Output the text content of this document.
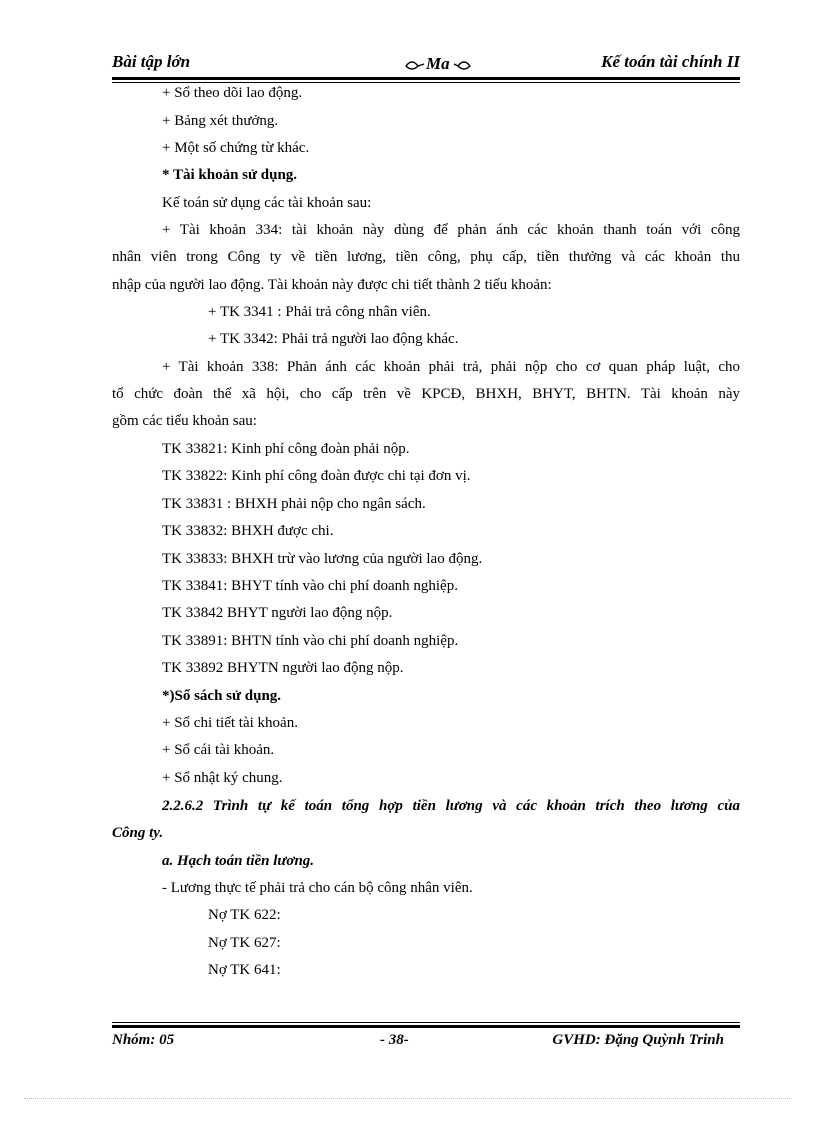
Bài tập lớn	Ma	Kế toán tài chính II
+ Sổ theo dõi lao động.
+ Bảng xét thưởng.
+ Một số chứng từ khác.
* Tài khoản sử dụng.
Kế toán sử dụng các tài khoản sau:
+ Tài khoản 334: tài khoản này dùng để phản ánh các khoản thanh toán với công
nhân viên trong Công ty về tiền lương, tiền công, phụ cấp, tiền thưởng và các khoản thu
nhập của người lao động. Tài khoản này được chi tiết thành 2 tiểu khoản:
+ TK 3341 : Phải trả công nhân viên.
+ TK 3342: Phải trả người lao động khác.
+ Tài khoản 338: Phản ánh các khoản phải trả, phải nộp cho cơ quan pháp luật, cho
tổ chức đoàn thể xã hội, cho cấp trên về KPCĐ, BHXH, BHYT, BHTN. Tài khoản này
gồm các tiểu khoản sau:
TK 33821: Kinh phí công đoàn phải nộp.
TK 33822: Kinh phí công đoàn được chi tại đơn vị.
TK 33831 : BHXH phải nộp cho ngân sách.
TK 33832: BHXH được chi.
TK 33833: BHXH trừ vào lương của người lao động.
TK 33841: BHYT tính vào chi phí doanh nghiệp.
TK 33842 BHYT người lao động nộp.
TK 33891: BHTN tính vào chi phí doanh nghiệp.
TK 33892 BHYTN người lao động nộp.
*)Sổ sách sử dụng.
+ Sổ chi tiết tài khoản.
+ Sổ cái tài khoản.
+ Sổ nhật ký chung.
2.2.6.2 Trình tự kế toán tổng hợp tiền lương và các khoản trích theo lương của
Công ty.
a. Hạch toán tiền lương.
- Lương thực tế phải trả cho cán bộ công nhân viên.
Nợ TK 622:
Nợ TK 627:
Nợ TK 641:
Nhóm: 05	- 38-	GVHD: Đặng Quỳnh Trinh
